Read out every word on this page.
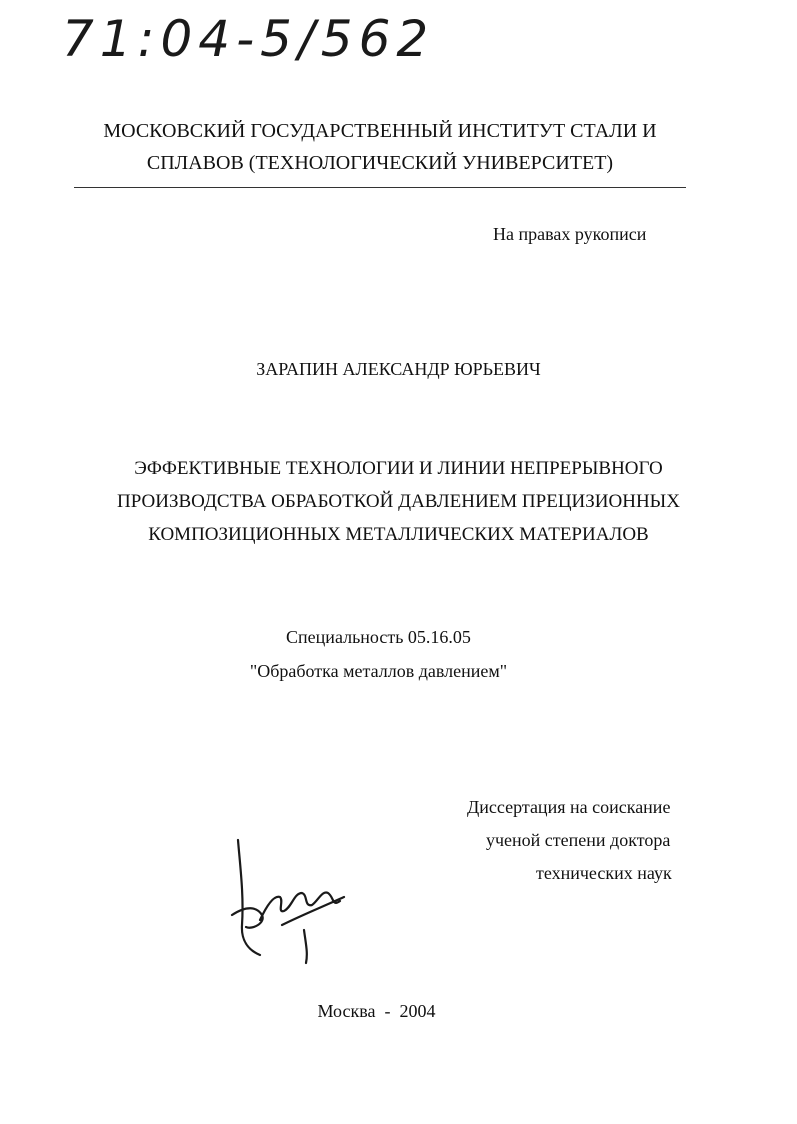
71:04-5/562
МОСКОВСКИЙ ГОСУДАРСТВЕННЫЙ ИНСТИТУТ СТАЛИ И
СПЛАВОВ (ТЕХНОЛОГИЧЕСКИЙ УНИВЕРСИТЕТ)
На правах рукописи
ЗАРАПИН АЛЕКСАНДР ЮРЬЕВИЧ
ЭФФЕКТИВНЫЕ ТЕХНОЛОГИИ И ЛИНИИ НЕПРЕРЫВНОГО
ПРОИЗВОДСТВА ОБРАБОТКОЙ ДАВЛЕНИЕМ ПРЕЦИЗИОННЫХ
КОМПОЗИЦИОННЫХ МЕТАЛЛИЧЕСКИХ МАТЕРИАЛОВ
Специальность 05.16.05
"Обработка металлов давлением"
Диссертация на соискание
ученой степени доктора
технических наук
Москва  -  2004
